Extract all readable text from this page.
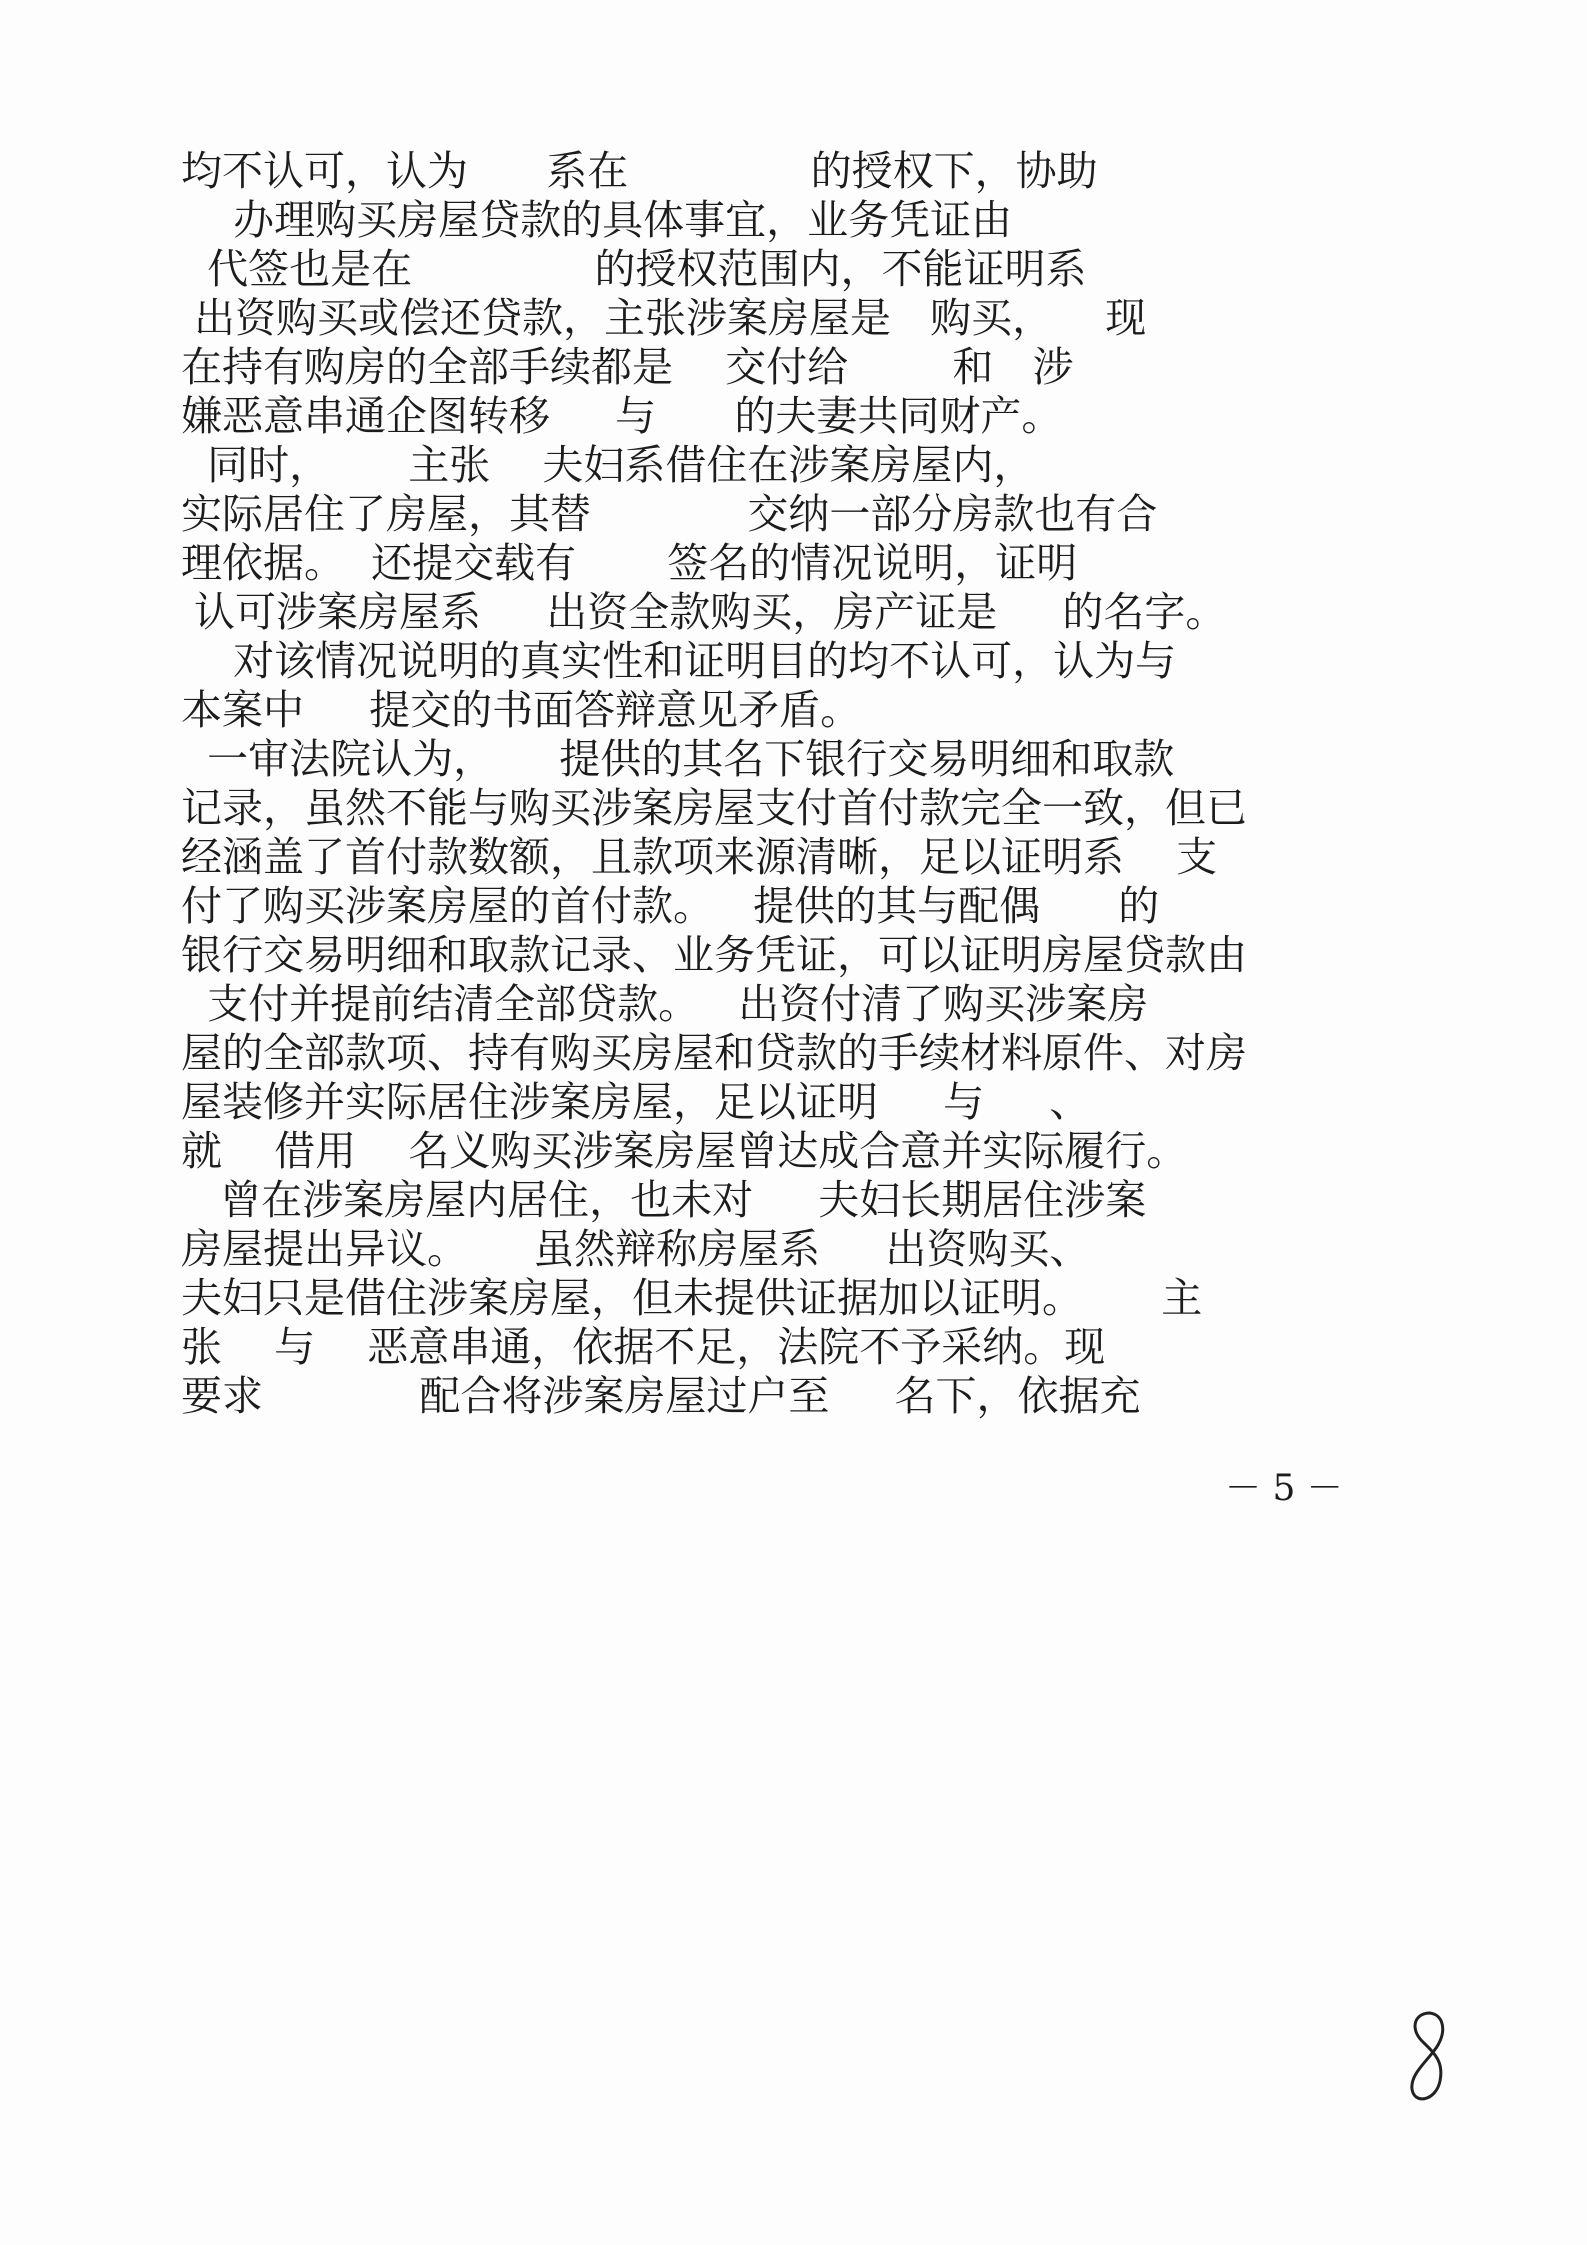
均不认可，认为      系在              的授权下，协助
办理购买房屋贷款的具体事宜，业务凭证由
代签也是在              的授权范围内，不能证明系
出资购买或偿还贷款，主张涉案房屋是   购买，    现
在持有购房的全部手续都是    交付给        和   涉
嫌恶意串通企图转移     与      的夫妻共同财产。
同时，      主张    夫妇系借住在涉案房屋内，
实际居住了房屋，其替            交纳一部分房款也有合
理依据。  还提交载有       签名的情况说明，证明
认可涉案房屋系     出资全款购买，房产证是     的名字。
对该情况说明的真实性和证明目的均不认可，认为与
本案中     提交的书面答辩意见矛盾。
一审法院认为，     提供的其名下银行交易明细和取款
记录，虽然不能与购买涉案房屋支付首付款完全一致，但已
经涵盖了首付款数额，且款项来源清晰，足以证明系    支
付了购买涉案房屋的首付款。   提供的其与配偶      的
银行交易明细和取款记录、业务凭证，可以证明房屋贷款由
支付并提前结清全部贷款。   出资付清了购买涉案房
屋的全部款项、持有购买房屋和贷款的手续材料原件、对房
屋装修并实际居住涉案房屋，足以证明     与     、
就    借用    名义购买涉案房屋曾达成合意并实际履行。
曾在涉案房屋内居住，也未对     夫妇长期居住涉案
房屋提出异议。     虽然辩称房屋系     出资购买、
夫妇只是借住涉案房屋，但未提供证据加以证明。      主
张    与    恶意串通，依据不足，法院不予采纳。现
要求            配合将涉案房屋过户至     名下，依据充
－ 5 －
